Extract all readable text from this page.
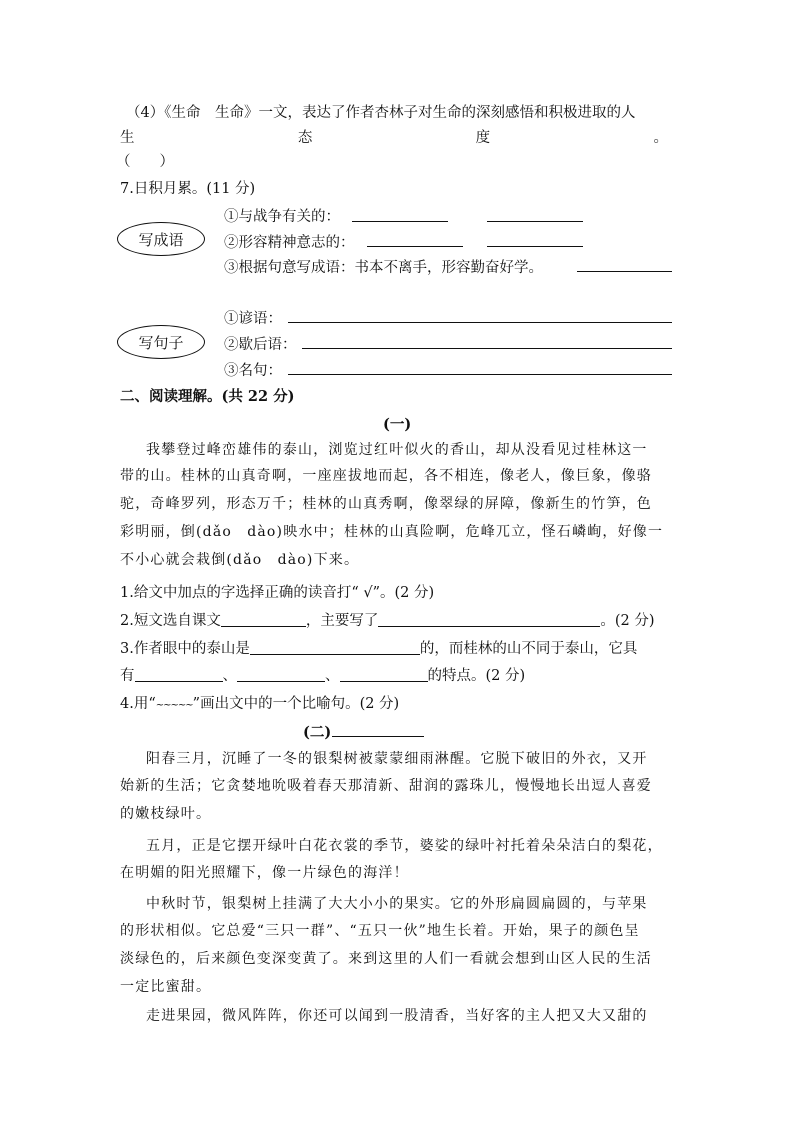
（4）《生命　生命》一文，表达了作者杏林子对生命的深刻感悟和积极进取的人
生	态	度	。
（　　）
7.日积月累。(11 分)
写成语
①与战争有关的：
②形容精神意志的：
③根据句意写成语：书本不离手，形容勤奋好学。
写句子
①谚语：
②歇后语：
③名句：
二、阅读理解。(共 22 分)
(一)
我攀登过峰峦雄伟的泰山，浏览过红叶似火的香山，却从没看见过桂林这一
带的山。桂林的山真奇啊，一座座拔地而起，各不相连，像老人，像巨象，像骆
驼，奇峰罗列，形态万千；桂林的山真秀啊，像翠绿的屏障，像新生的竹笋，色
彩明丽，倒(dǎo　dào)映水中；桂林的山真险啊，危峰兀立，怪石嶙峋，好像一
不小心就会栽倒(dǎo　dào)下来。
1.给文中加点的字选择正确的读音打“ √”。(2 分)
2.短文选自课文	，主要写了	。(2 分)
3.作者眼中的泰山是	的，而桂林的山不同于泰山，它具
有	、	、	的特点。(2 分)
4.用“~~~~~”画出文中的一个比喻句。(2 分)
(二)
阳春三月，沉睡了一冬的银梨树被蒙蒙细雨淋醒。它脱下破旧的外衣，又开
始新的生活；它贪婪地吮吸着春天那清新、甜润的露珠儿，慢慢地长出逗人喜爱
的嫩枝绿叶。
五月，正是它摆开绿叶白花衣裳的季节，婆娑的绿叶衬托着朵朵洁白的梨花，
在明媚的阳光照耀下，像一片绿色的海洋！
中秋时节，银梨树上挂满了大大小小的果实。它的外形扁圆扁圆的，与苹果
的形状相似。它总爱“三只一群”、“五只一伙”地生长着。开始，果子的颜色呈
淡绿色的，后来颜色变深变黄了。来到这里的人们一看就会想到山区人民的生活
一定比蜜甜。
走进果园，微风阵阵，你还可以闻到一股清香，当好客的主人把又大又甜的
